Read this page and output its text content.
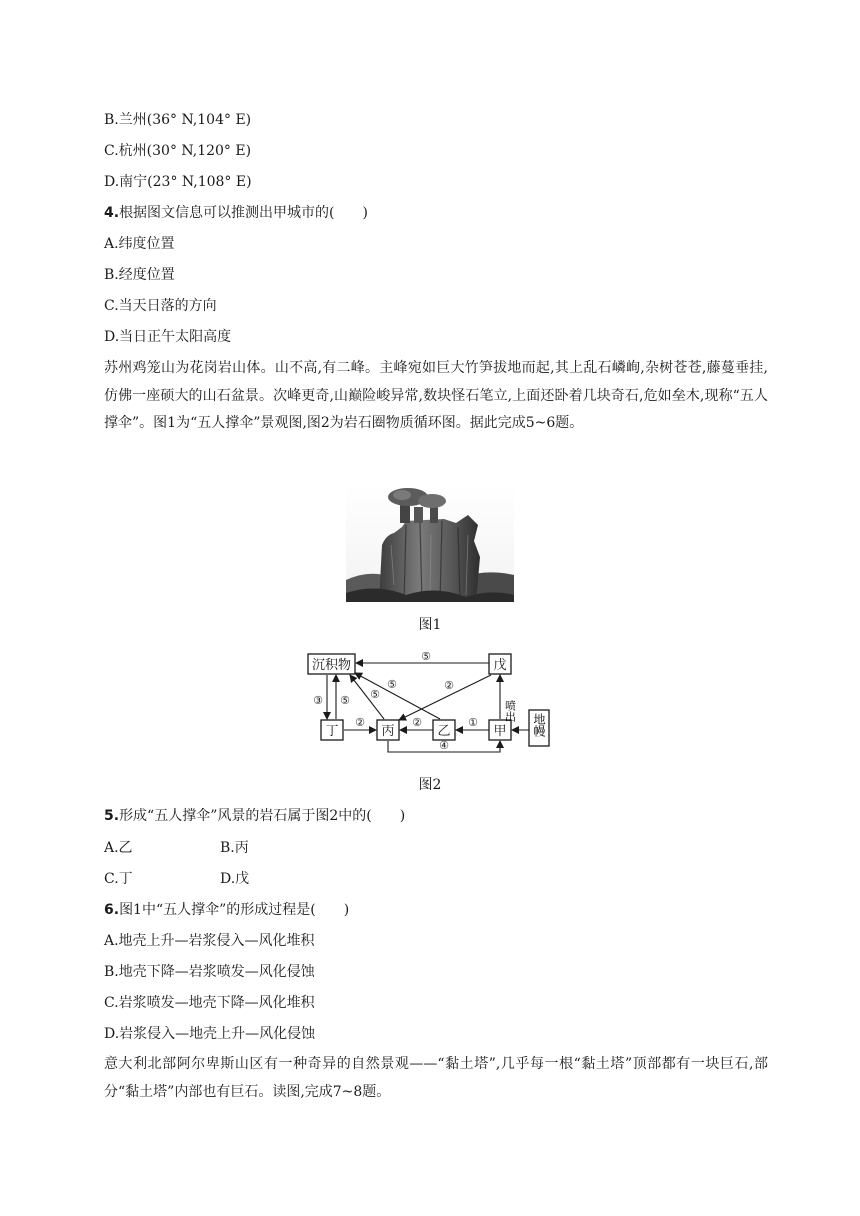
B.兰州(36° N,104° E)
C.杭州(30° N,120° E)
D.南宁(23° N,108° E)
4.根据图文信息可以推测出甲城市的(　　)
A.纬度位置
B.经度位置
C.当天日落的方向
D.当日正午太阳高度
苏州鸡笼山为花岗岩山体。山不高,有二峰。主峰宛如巨大竹笋拔地而起,其上乱石嶙峋,杂树苍苍,藤蔓垂挂,仿佛一座硕大的山石盆景。次峰更奇,山巅险峻异常,数块怪石笔立,上面还卧着几块奇石,危如垒木,现称“五人撑伞”。图1为“五人撑伞”景观图,图2为岩石圈物质循环图。据此完成5~6题。
图1
沉积物	戊
丁	丙	乙	甲 地幔
⑤
③ ⑤ ⑤
⑤	②
②	②	①
④
喷出
图2
5.形成“五人撑伞”风景的岩石属于图2中的(　　)
A.乙	B.丙
C.丁	D.戊
6.图1中“五人撑伞”的形成过程是(　　)
A.地壳上升—岩浆侵入—风化堆积
B.地壳下降—岩浆喷发—风化侵蚀
C.岩浆喷发—地壳下降—风化堆积
D.岩浆侵入—地壳上升—风化侵蚀
意大利北部阿尔卑斯山区有一种奇异的自然景观——“黏土塔”,几乎每一根“黏土塔”顶部都有一块巨石,部分“黏土塔”内部也有巨石。读图,完成7~8题。
